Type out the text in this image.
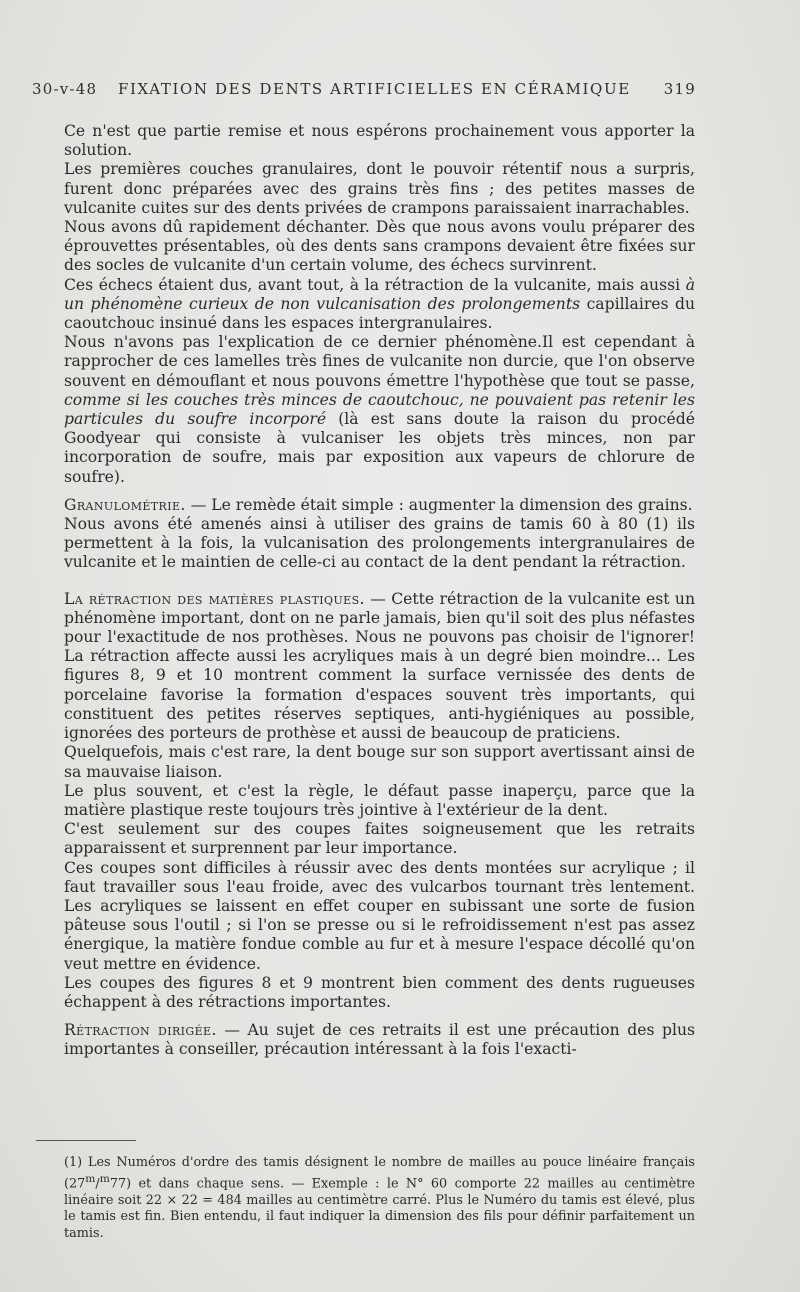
30-v-48 FIXATION DES DENTS ARTIFICIELLES EN CÉRAMIQUE 319

Ce n'est que partie remise et nous espérons prochainement vous apporter la solution.

Les premières couches granulaires, dont le pouvoir rétentif nous a surpris, furent donc préparées avec des grains très fins ; des petites masses de vulcanite cuites sur des dents privées de crampons paraissaient inarrachables.

Nous avons dû rapidement déchanter. Dès que nous avons voulu préparer des éprouvettes présentables, où des dents sans crampons devaient être fixées sur des socles de vulcanite d'un certain volume, des échecs survinrent.

Ces échecs étaient dus, avant tout, à la rétraction de la vulcanite, mais aussi à un phénomène curieux de non vulcanisation des prolongements capillaires du caoutchouc insinué dans les espaces intergranulaires.

Nous n'avons pas l'explication de ce dernier phénomène.Il est cependant à rapprocher de ces lamelles très fines de vulcanite non durcie, que l'on observe souvent en démouflant et nous pouvons émettre l'hypothèse que tout se passe, comme si les couches très minces de caoutchouc, ne pouvaient pas retenir les particules du soufre incorporé (là est sans doute la raison du procédé Goodyear qui consiste à vulcaniser les objets très minces, non par incorporation de soufre, mais par exposition aux vapeurs de chlorure de soufre).

Granulométrie. — Le remède était simple : augmenter la dimension des grains.

Nous avons été amenés ainsi à utiliser des grains de tamis 60 à 80 (1) ils permettent à la fois, la vulcanisation des prolongements intergranulaires de vulcanite et le maintien de celle-ci au contact de la dent pendant la rétraction.

La rétraction des matières plastiques. — Cette rétraction de la vulcanite est un phénomène important, dont on ne parle jamais, bien qu'il soit des plus néfastes pour l'exactitude de nos prothèses. Nous ne pouvons pas choisir de l'ignorer! La rétraction affecte aussi les acryliques mais à un degré bien moindre... Les figures 8, 9 et 10 montrent comment la surface vernissée des dents de porcelaine favorise la formation d'espaces souvent très importants, qui constituent des petites réserves septiques, anti-hygiéniques au possible, ignorées des porteurs de prothèse et aussi de beaucoup de praticiens.

Quelquefois, mais c'est rare, la dent bouge sur son support avertissant ainsi de sa mauvaise liaison.

Le plus souvent, et c'est la règle, le défaut passe inaperçu, parce que la matière plastique reste toujours très jointive à l'extérieur de la dent.

C'est seulement sur des coupes faites soigneusement que les retraits apparaissent et surprennent par leur importance.

Ces coupes sont difficiles à réussir avec des dents montées sur acrylique ; il faut travailler sous l'eau froide, avec des vulcarbos tournant très lentement. Les acryliques se laissent en effet couper en subissant une sorte de fusion pâteuse sous l'outil ; si l'on se presse ou si le refroidissement n'est pas assez énergique, la matière fondue comble au fur et à mesure l'espace décollé qu'on veut mettre en évidence.

Les coupes des figures 8 et 9 montrent bien comment des dents rugueuses échappent à des rétractions importantes.

Rétraction dirigée. — Au sujet de ces retraits il est une précaution des plus importantes à conseiller, précaution intéressant à la fois l'exacti-

(1) Les Numéros d'ordre des tamis désignent le nombre de mailles au pouce linéaire français (27$^m$/$^m$77) et dans chaque sens. — Exemple : le N° 60 comporte 22 mailles au centimètre linéaire soit 22 × 22 = 484 mailles au centimètre carré. Plus le Numéro du tamis est élevé, plus le tamis est fin. Bien entendu, il faut indiquer la dimension des fils pour définir parfaitement un tamis.
